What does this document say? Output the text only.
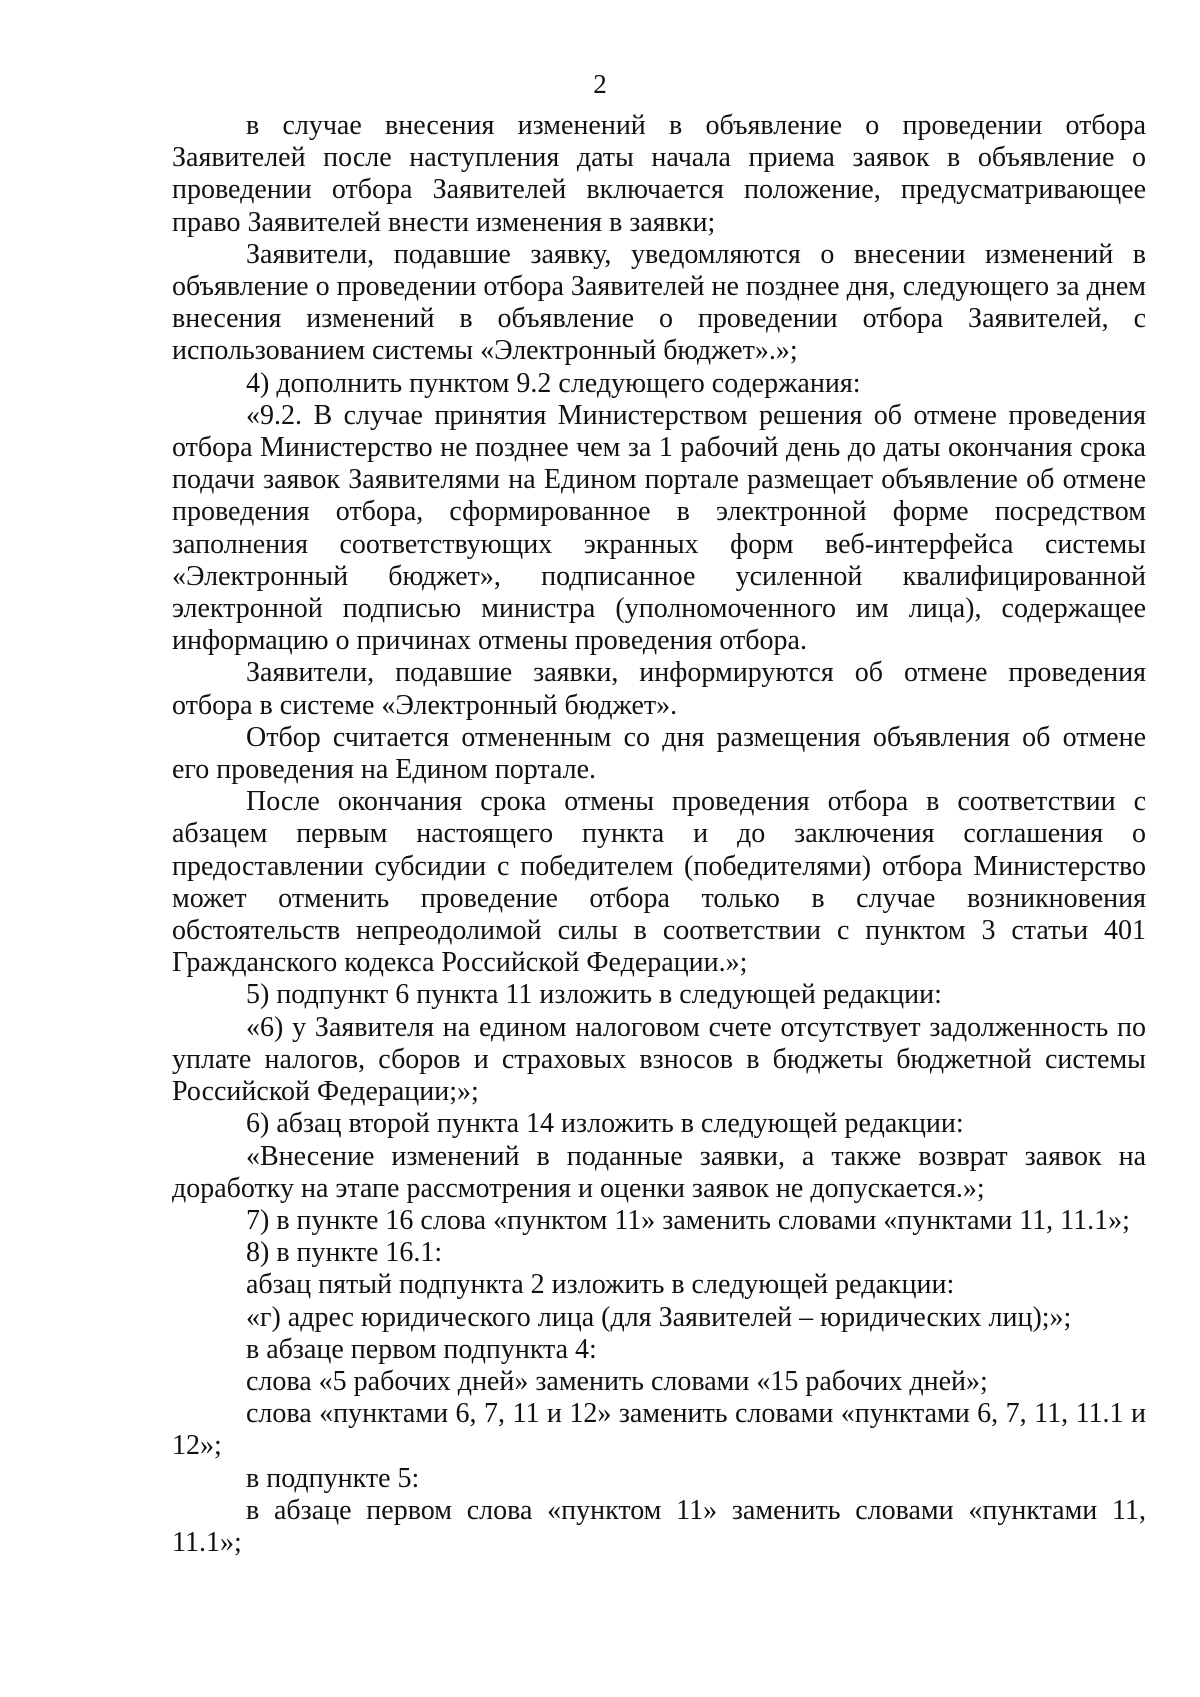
2

в случае внесения изменений в объявление о проведении отбора Заявителей после наступления даты начала приема заявок в объявление о проведении отбора Заявителей включается положение, предусматривающее право Заявителей внести изменения в заявки;

Заявители, подавшие заявку, уведомляются о внесении изменений в объявление о проведении отбора Заявителей не позднее дня, следующего за днем внесения изменений в объявление о проведении отбора Заявителей, с использованием системы «Электронный бюджет».»;

4) дополнить пунктом 9.2 следующего содержания:

«9.2. В случае принятия Министерством решения об отмене проведения отбора Министерство не позднее чем за 1 рабочий день до даты окончания срока подачи заявок Заявителями на Едином портале размещает объявление об отмене проведения отбора, сформированное в электронной форме посредством заполнения соответствующих экранных форм веб-интерфейса системы «Электронный бюджет», подписанное усиленной квалифицированной электронной подписью министра (уполномоченного им лица), содержащее информацию о причинах отмены проведения отбора.

Заявители, подавшие заявки, информируются об отмене проведения отбора в системе «Электронный бюджет».

Отбор считается отмененным со дня размещения объявления об отмене его проведения на Едином портале.

После окончания срока отмены проведения отбора в соответствии с абзацем первым настоящего пункта и до заключения соглашения о предоставлении субсидии с победителем (победителями) отбора Министерство может отменить проведение отбора только в случае возникновения обстоятельств непреодолимой силы в соответствии с пунктом 3 статьи 401 Гражданского кодекса Российской Федерации.»;

5) подпункт 6 пункта 11 изложить в следующей редакции:

«6) у Заявителя на едином налоговом счете отсутствует задолженность по уплате налогов, сборов и страховых взносов в бюджеты бюджетной системы Российской Федерации;»;

6) абзац второй пункта 14 изложить в следующей редакции:

«Внесение изменений в поданные заявки, а также возврат заявок на доработку на этапе рассмотрения и оценки заявок не допускается.»;

7) в пункте 16 слова «пунктом 11» заменить словами «пунктами 11, 11.1»;

8) в пункте 16.1:

абзац пятый подпункта 2 изложить в следующей редакции:

«г) адрес юридического лица (для Заявителей – юридических лиц);»;

в абзаце первом подпункта 4:

слова «5 рабочих дней» заменить словами «15 рабочих дней»;

слова «пунктами 6, 7, 11 и 12» заменить словами «пунктами 6, 7, 11, 11.1 и 12»;

в подпункте 5:

в абзаце первом слова «пунктом 11» заменить словами «пунктами 11, 11.1»;
